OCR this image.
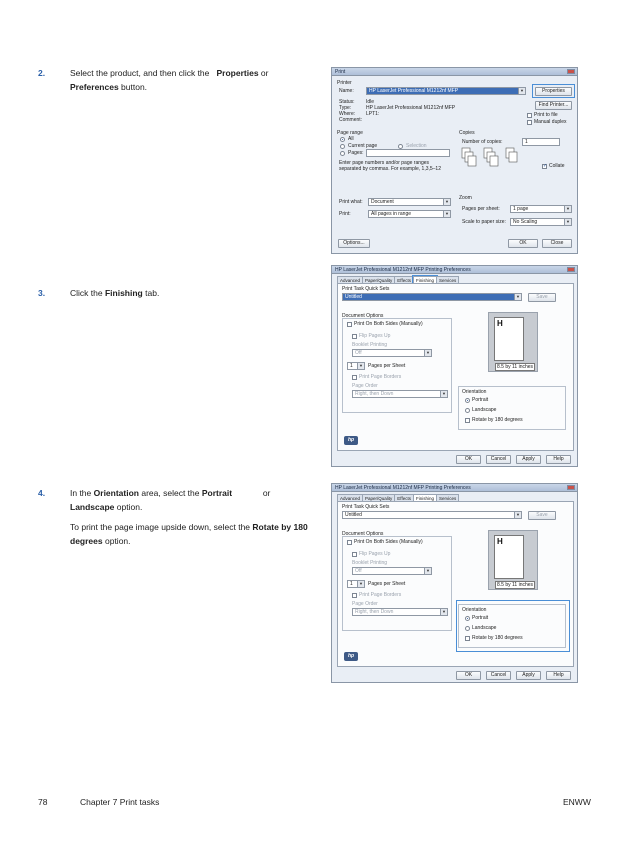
2.	Select the product, and then click the Properties or
Preferences button.
Print
Printer
Name:	HP LaserJet Professional M1212nf MFP	▼	Properties
Status: Idle
Type:	HP LaserJet Professional M1212nf MFP
Where: LPT1:
Comment:
Find Printer...
Print to file
Manual duplex
Page range
All
Current page	Selection
Pages:
Enter page numbers and/or page ranges
separated by commas. For example, 1,3,5–12
Copies
Number of copies:	1
✓
Collate
Print what:	Document	▼
Print:	All pages in range	▼
Zoom
Pages per sheet:	1 page	▼
Scale to paper size:	No Scaling	▼
Options...	OK	Close
3.	Click the Finishing tab.
HP LaserJet Professional M1212nf MFP Printing Preferences
Advanced	Paper/Quality	Effects	Finishing	Services
Print Task Quick Sets
Untitled	▼	Save
Document Options
Print On Both Sides (Manually)
Flip Pages Up
Booklet Printing
Off	▼
1	▼ Pages per Sheet
Print Page Borders
Page Order
Right, then Down	▼
H
8.5 by 11 inches
Orientation
Portrait
Landscape
Rotate by 180 degrees
hp
OK	Cancel	Apply	Help
4.	In the Orientation area, select the Portrait	or
Landscape option.

To print the page image upside down, select the Rotate by 180 degrees option.

HP LaserJet Professional M1212nf MFP Printing Preferences
Advanced	Paper/Quality	Effects	Finishing	Services
Print Task Quick Sets
Untitled	▼	Save
Document Options
Print On Both Sides (Manually)
Flip Pages Up
Booklet Printing
Off	▼
1	▼ Pages per Sheet
Print Page Borders
Page Order
Right, then Down	▼
H
8.5 by 11 inches
Orientation
Portrait
Landscape
Rotate by 180 degrees
hp
OK	Cancel	Apply	Help
78	Chapter 7 Print tasks	ENWW
